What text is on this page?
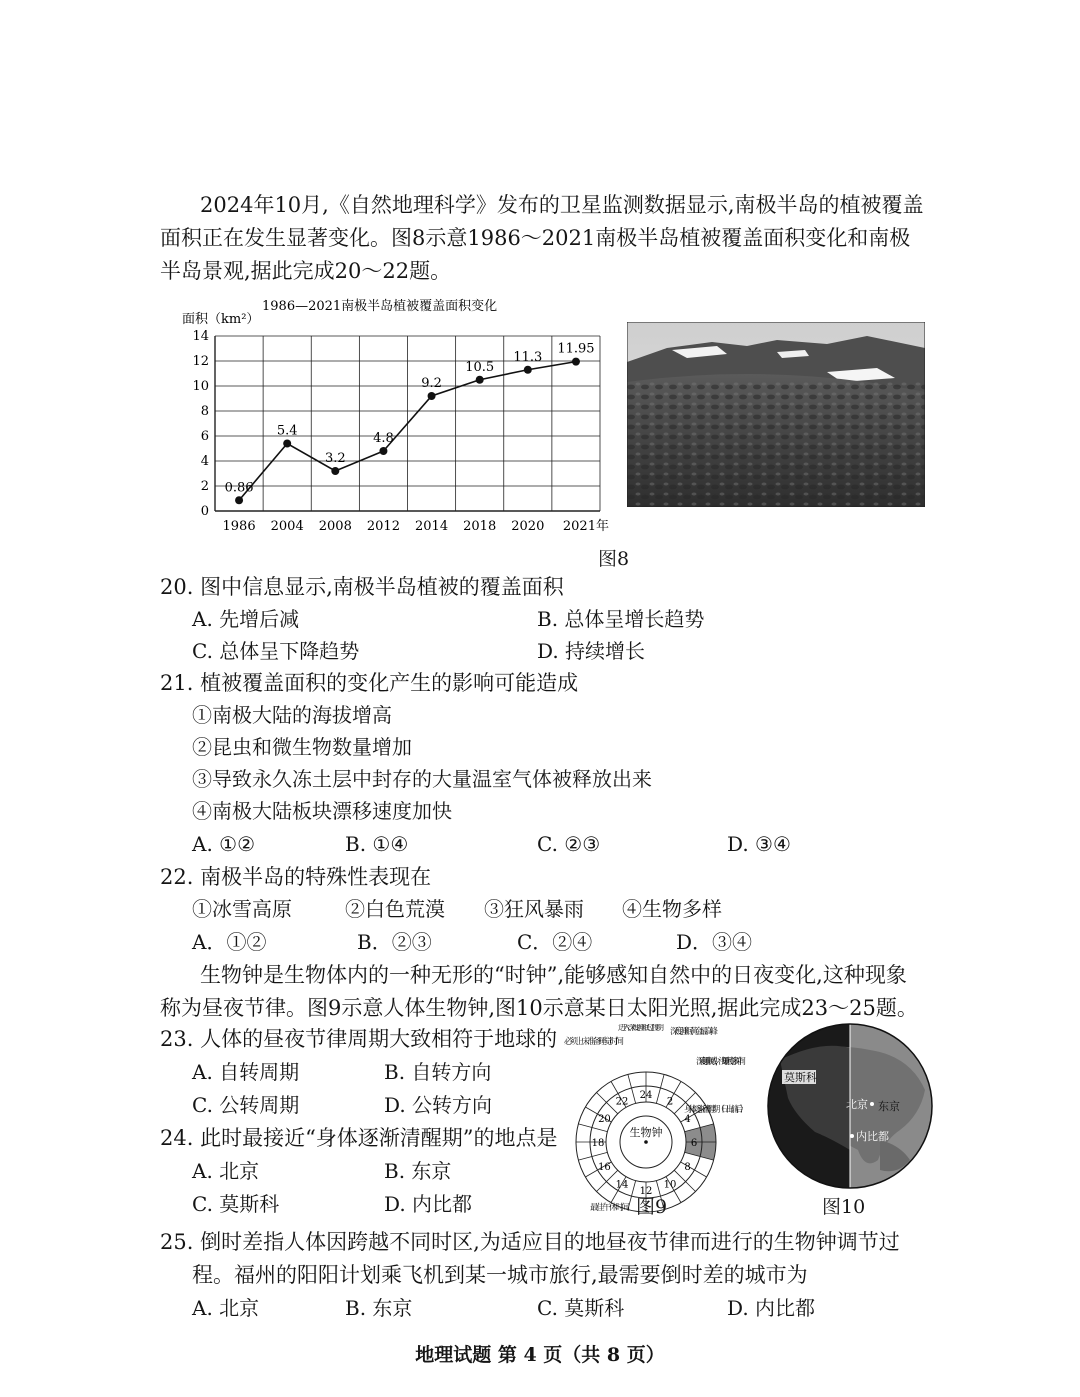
2024年10月,《自然地理科学》发布的卫星监测数据显示,南极半岛的植被覆盖
面积正在发生显著变化。图8示意1986～2021南极半岛植被覆盖面积变化和南极
半岛景观,据此完成20～22题。
面积（km²）
1986—2021南极半岛植被覆盖面积变化
0
2
4
6
8
10
12
14
1986 2004 2008 2012 2014 2018 2020 2021年
0.86
5.4
3.2
4.8
9.2
10.5
11.3
11.95
图8
20. 图中信息显示,南极半岛植被的覆盖面积
A. 先增后减	B. 总体呈增长趋势
C. 总体呈下降趋势	D. 持续增长
21. 植被覆盖面积的变化产生的影响可能造成
①南极大陆的海拔增高
②昆虫和微生物数量增加
③导致永久冻土层中封存的大量温室气体被释放出来
④南极大陆板块漂移速度加快
A. ①②	B. ①④	C. ②③	D. ③④
22. 南极半岛的特殊性表现在
①冰雪高原	②白色荒漠 ③狂风暴雨 ④生物多样
A．①②	B．②③	C．②④	D．③④
生物钟是生物体内的一种无形的“时钟”,能够感知自然中的日夜变化,这种现象
称为昼夜节律。图9示意人体生物钟,图10示意某日太阳光照,据此完成23～25题。
23. 人体的昼夜节律周期大致相符于地球的
A. 自转周期	B. 自转方向
C. 公转周期	D. 公转方向
24. 此时最接近“身体逐渐清醒期”的地点是
A. 北京	B. 东京
C. 莫斯科	D. 内比都
生物钟
24
2
4
6
8
10
12
14
16
18
20
22
必须上床准备睡觉时间
进入深度睡眠过渡期 深度睡眠黄金最高峰
深度睡眠减少，浅睡眠变多时间
身体逐渐清醒期（日出前后）
最佳午休时间 图9
莫斯科
北京 东京
内比都
图10
25. 倒时差指人体因跨越不同时区,为适应目的地昼夜节律而进行的生物钟调节过
程。福州的阳阳计划乘飞机到某一城市旅行,最需要倒时差的城市为
A. 北京	B. 东京	C. 莫斯科	D. 内比都
地理试题 第 4 页（共 8 页）
